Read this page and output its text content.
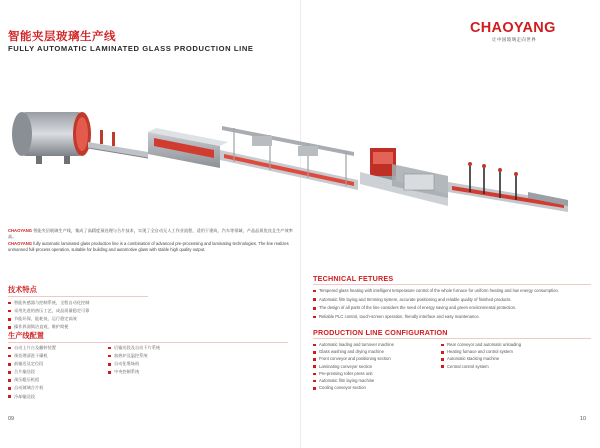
智能夹层玻璃生产线
FULLY AUTOMATIC LAMINATED GLASS PRODUCTION LINE
CHAOYANG
让中国玻璃走向世界

CHAOYANG 智能夹层玻璃生产线，集成了高精度预处理与合片技术，实现了全自动无人工作业流程，适用于建筑、汽车等领域，产品品质优良且生产效率高。

CHAOYANG fully automatic laminated glass production line is a combination of advanced pre-processing and laminating technologies. The line realizes unmanned full-process operation, suitable for building and automotive glass with stable high quality output.

技术特点
智能传感器与控制系统，全程自动化控制
采用先进的热压工艺，成品质量稳定可靠
节能环保，能耗低，运行稳定高效
操作界面简洁直观，维护简便
生产线配置
自动上片台及翻转装置
预处理清洗干燥机
前输送及定位段
合片输送段
预压辊压机组
自动玻璃合片机
冷却输送段
后输送段及自动下片系统
加热炉及温控系统
自动化堆垛机
中央控制系统
TECHNICAL FETURES
Tempered glass heating with intelligent temperature control of the whole furnace for uniform heating and low energy consumption.
Automatic film laying and trimming system, accurate positioning and reliable quality of finished products.
The design of all parts of the line considers the need of energy saving and green environmental protection.
Reliable PLC control, touch-screen operation, friendly interface and easy maintenance.
PRODUCTION LINE CONFIGURATION
Automatic loading and turnover machine
Glass washing and drying machine
Front conveyor and positioning section
Laminating conveyor section
Pre-pressing roller press unit
Automatic film laying machine
Cooling conveyor section
Rear conveyor and automatic unloading
Heating furnace and control system
Automatic stacking machine
Central control system
09	10
